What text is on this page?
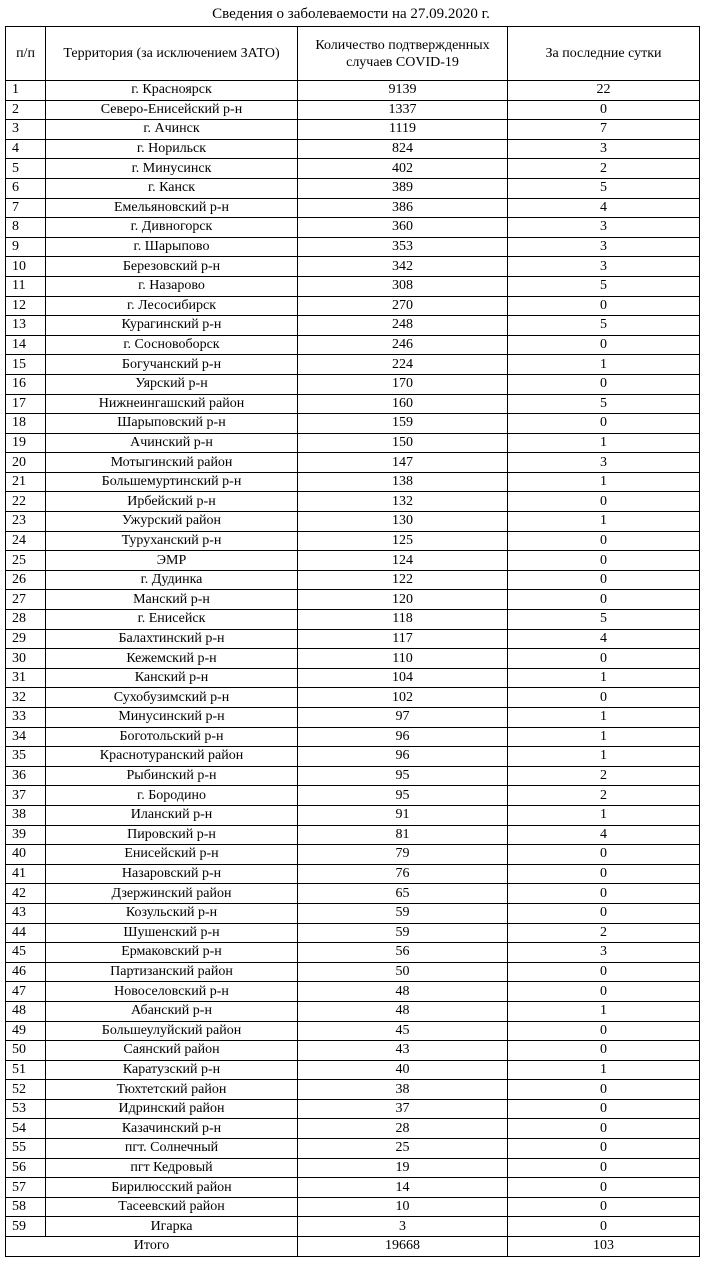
Сведения о заболеваемости на 27.09.2020 г.
п/п	Территория (за исключением ЗАТО)	Количество подтвержденных случаев COVID-19	За последние сутки
1	г. Красноярск	9139	22
2	Северо-Енисейский р-н	1337	0
3	г. Ачинск	1119	7
4	г. Норильск	824	3
5	г. Минусинск	402	2
6	г. Канск	389	5
7	Емельяновский р-н	386	4
8	г. Дивногорск	360	3
9	г. Шарыпово	353	3
10	Березовский р-н	342	3
11	г. Назарово	308	5
12	г. Лесосибирск	270	0
13	Курагинский р-н	248	5
14	г. Сосновоборск	246	0
15	Богучанский р-н	224	1
16	Уярский р-н	170	0
17	Нижнеингашский район	160	5
18	Шарыповский р-н	159	0
19	Ачинский р-н	150	1
20	Мотыгинский район	147	3
21	Большемуртинский р-н	138	1
22	Ирбейский р-н	132	0
23	Ужурский район	130	1
24	Туруханский р-н	125	0
25	ЭМР	124	0
26	г. Дудинка	122	0
27	Манский р-н	120	0
28	г. Енисейск	118	5
29	Балахтинский р-н	117	4
30	Кежемский р-н	110	0
31	Канский р-н	104	1
32	Сухобузимский р-н	102	0
33	Минусинский р-н	97	1
34	Боготольский р-н	96	1
35	Краснотуранский район	96	1
36	Рыбинский р-н	95	2
37	г. Бородино	95	2
38	Иланский р-н	91	1
39	Пировский р-н	81	4
40	Енисейский р-н	79	0
41	Назаровский р-н	76	0
42	Дзержинский район	65	0
43	Козульский р-н	59	0
44	Шушенский р-н	59	2
45	Ермаковский р-н	56	3
46	Партизанский район	50	0
47	Новоселовский р-н	48	0
48	Абанский р-н	48	1
49	Большеулуйский район	45	0
50	Саянский район	43	0
51	Каратузский р-н	40	1
52	Тюхтетский район	38	0
53	Идринский район	37	0
54	Казачинский р-н	28	0
55	пгт. Солнечный	25	0
56	пгт Кедровый	19	0
57	Бирилюсский район	14	0
58	Тасеевский район	10	0
59	Игарка	3	0
Итого		19668	103
